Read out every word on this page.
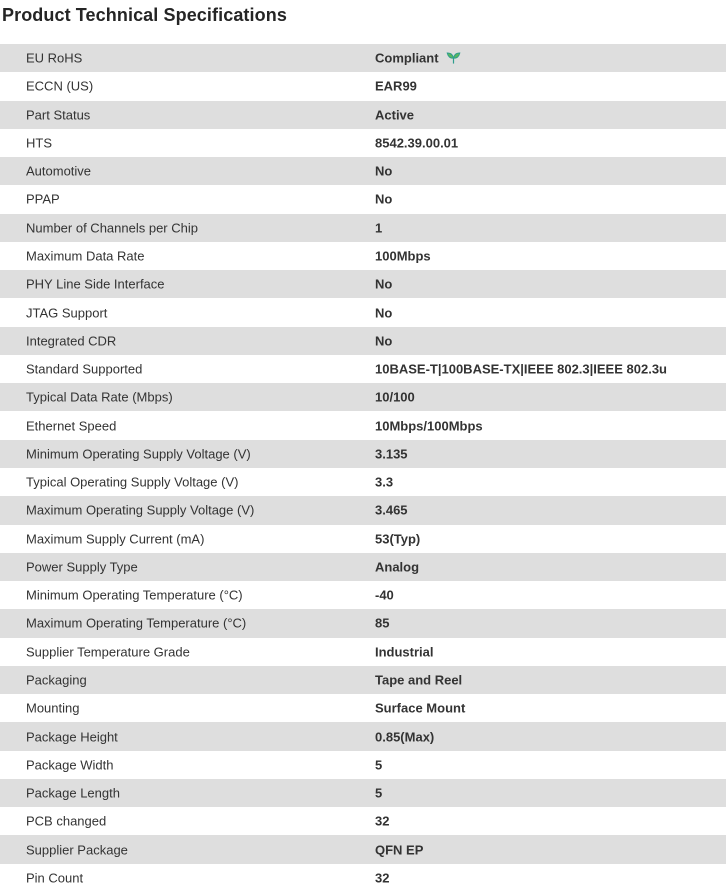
Product Technical Specifications
EU RoHS	Compliant
ECCN (US)	EAR99
Part Status	Active
HTS	8542.39.00.01
Automotive	No
PPAP	No
Number of Channels per Chip	1
Maximum Data Rate	100Mbps
PHY Line Side Interface	No
JTAG Support	No
Integrated CDR	No
Standard Supported	10BASE-T|100BASE-TX|IEEE 802.3|IEEE 802.3u
Typical Data Rate (Mbps)	10/100
Ethernet Speed	10Mbps/100Mbps
Minimum Operating Supply Voltage (V)	3.135
Typical Operating Supply Voltage (V)	3.3
Maximum Operating Supply Voltage (V)	3.465
Maximum Supply Current (mA)	53(Typ)
Power Supply Type	Analog
Minimum Operating Temperature (°C)	-40
Maximum Operating Temperature (°C)	85
Supplier Temperature Grade	Industrial
Packaging	Tape and Reel
Mounting	Surface Mount
Package Height	0.85(Max)
Package Width	5
Package Length	5
PCB changed	32
Supplier Package	QFN EP
Pin Count	32
